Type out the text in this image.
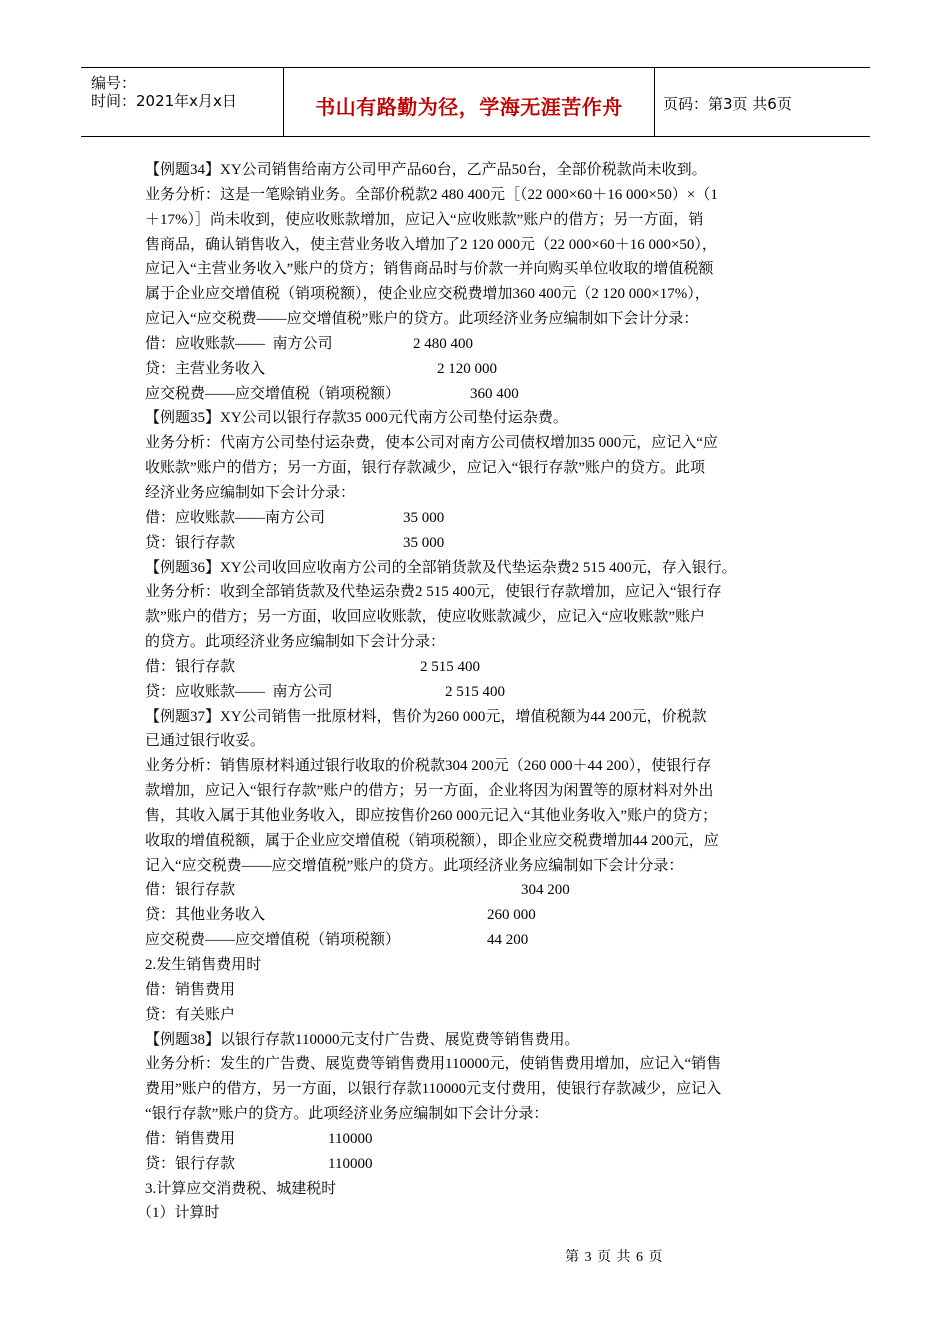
编号：
时间：2021年x月x日	书山有路勤为径，学海无涯苦作舟	页码：第3页 共6页
【例题34】XY公司销售给南方公司甲产品60台，乙产品50台，全部价税款尚未收到。
业务分析：这是一笔赊销业务。全部价税款2 480 400元［（22 000×60＋16 000×50）×（1
＋17%）］尚未收到，使应收账款增加，应记入“应收账款”账户的借方；另一方面，销
售商品，确认销售收入，使主营业务收入增加了2 120 000元（22 000×60＋16 000×50），
应记入“主营业务收入”账户的贷方；销售商品时与价款一并向购买单位收取的增值税额
属于企业应交增值税（销项税额），使企业应交税费增加360 400元（2 120 000×17%），
应记入“应交税费——应交增值税”账户的贷方。此项经济业务应编制如下会计分录：
借：应收账款——  南方公司	2 480 400
贷：主营业务收入	2 120 000
应交税费——应交增值税（销项税额）	360 400
【例题35】XY公司以银行存款35 000元代南方公司垫付运杂费。
业务分析：代南方公司垫付运杂费，使本公司对南方公司债权增加35 000元，应记入“应
收账款”账户的借方；另一方面，银行存款减少，应记入“银行存款”账户的贷方。此项
经济业务应编制如下会计分录：
借：应收账款——南方公司	35 000
贷：银行存款	35 000
【例题36】XY公司收回应收南方公司的全部销货款及代垫运杂费2 515 400元，存入银行。
业务分析：收到全部销货款及代垫运杂费2 515 400元，使银行存款增加，应记入“银行存
款”账户的借方；另一方面，收回应收账款，使应收账款减少，应记入“应收账款”账户
的贷方。此项经济业务应编制如下会计分录：
借：银行存款	2 515 400
贷：应收账款——  南方公司	2 515 400
【例题37】XY公司销售一批原材料，售价为260 000元，增值税额为44 200元，价税款
已通过银行收妥。
业务分析：销售原材料通过银行收取的价税款304 200元（260 000＋44 200），使银行存
款增加，应记入“银行存款”账户的借方；另一方面，企业将因为闲置等的原材料对外出
售，其收入属于其他业务收入，即应按售价260 000元记入“其他业务收入”账户的贷方；
收取的增值税额，属于企业应交增值税（销项税额），即企业应交税费增加44 200元，应
记入“应交税费——应交增值税”账户的贷方。此项经济业务应编制如下会计分录：
借：银行存款	304 200
贷：其他业务收入	260 000
应交税费——应交增值税（销项税额）	44 200
2.发生销售费用时
借：销售费用
贷：有关账户
【例题38】以银行存款110000元支付广告费、展览费等销售费用。
业务分析：发生的广告费、展览费等销售费用110000元，使销售费用增加，应记入“销售
费用”账户的借方，另一方面，以银行存款110000元支付费用，使银行存款减少，应记入
“银行存款”账户的贷方。此项经济业务应编制如下会计分录：
借：销售费用	110000
贷：银行存款	110000
3.计算应交消费税、城建税时
（1）计算时
第 3 页 共 6 页
